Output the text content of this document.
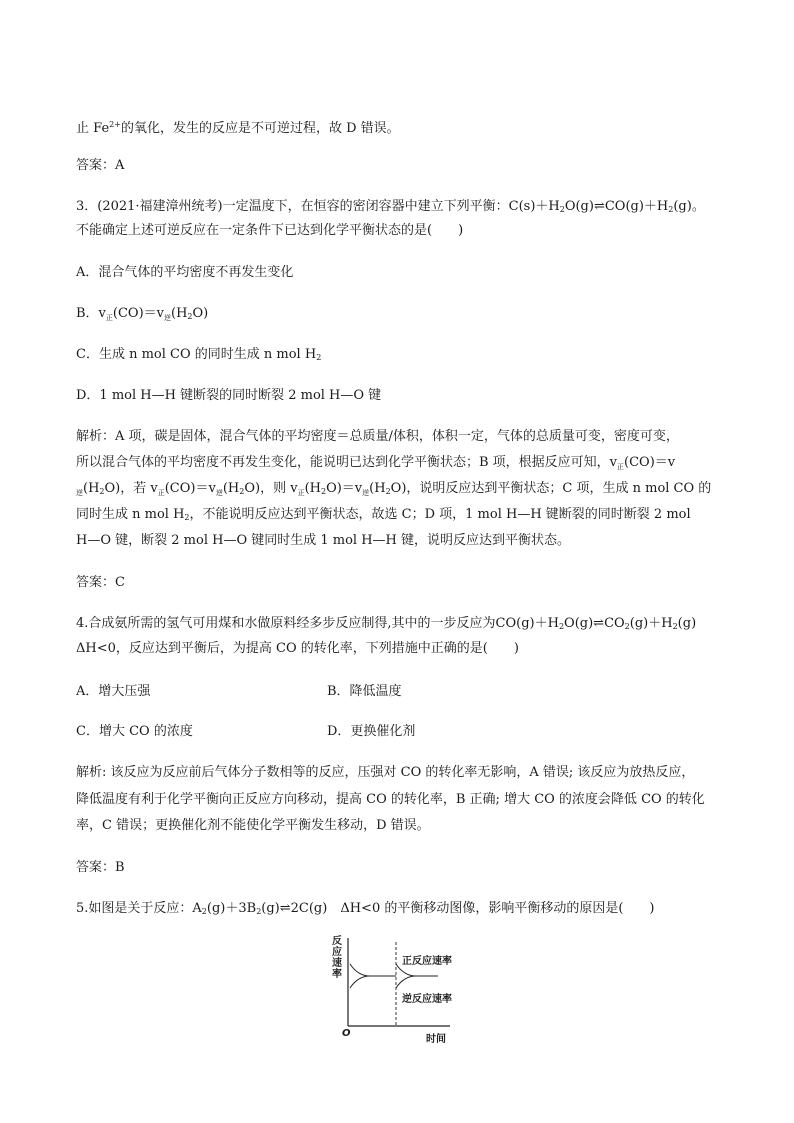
止 $Fe^{2+}$的氧化，发生的反应是不可逆过程，故 D 错误。
答案：A
3．(2021·福建漳州统考)一定温度下，在恒容的密闭容器中建立下列平衡：$C(s)+H_2O(g)\rightleftharpoons CO(g)+H_2(g)$。
不能确定上述可逆反应在一定条件下已达到化学平衡状态的是(　　)
A．混合气体的平均密度不再发生变化
B．$v_正(CO)=v_逆(H_2O)$
C．生成 n mol CO 的同时生成 n mol $H_2$
D．1 mol H—H 键断裂的同时断裂 2 mol H—O 键
解析：A 项，碳是固体，混合气体的平均密度＝总质量/体积，体积一定，气体的总质量可变，密度可变，
所以混合气体的平均密度不再发生变化，能说明已达到化学平衡状态；B 项，根据反应可知，$v_正(CO)=v$
$_逆(H_2O)$，若 $v_正(CO)=v_逆(H_2O)$，则 $v_正(H_2O)=v_逆(H_2O)$，说明反应达到平衡状态；C 项，生成 n mol CO 的
同时生成 n mol $H_2$，不能说明反应达到平衡状态，故选 C；D 项，1 mol H—H 键断裂的同时断裂 2 mol
H—O 键，断裂 2 mol H—O 键同时生成 1 mol H—H 键，说明反应达到平衡状态。
答案：C
4.合成氨所需的氢气可用煤和水做原料经多步反应制得,其中的一步反应为$CO(g)+H_2O(g)\rightleftharpoons CO_2(g)+H_2(g)$
ΔH<0，反应达到平衡后，为提高 CO 的转化率，下列措施中正确的是(　　)
A．增大压强	B．降低温度
C．增大 CO 的浓度	D．更换催化剂
解析: 该反应为反应前后气体分子数相等的反应，压强对 CO 的转化率无影响，A 错误; 该反应为放热反应，
降低温度有利于化学平衡向正反应方向移动，提高 CO 的转化率，B 正确; 增大 CO 的浓度会降低 CO 的转化
率，C 错误；更换催化剂不能使化学平衡发生移动，D 错误。
答案：B
5.如图是关于反应：$A_2(g)+3B_2(g)\rightleftharpoons 2C(g)$　ΔH<0 的平衡移动图像，影响平衡移动的原因是(　　)
反应速率
正反应速率
逆反应速率
O
时间
